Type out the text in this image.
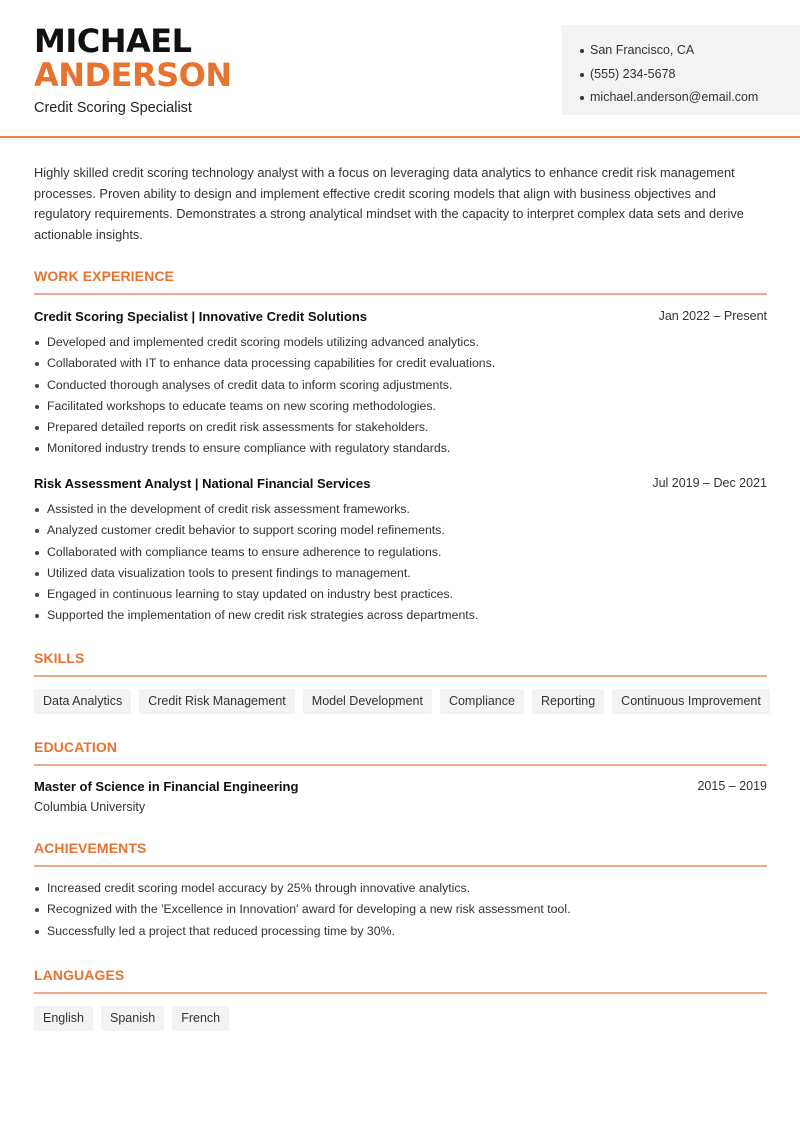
MICHAEL
ANDERSON
Credit Scoring Specialist
San Francisco, CA
(555) 234-5678
michael.anderson@email.com

Highly skilled credit scoring technology analyst with a focus on leveraging data analytics to enhance credit risk management processes. Proven ability to design and implement effective credit scoring models that align with business objectives and regulatory requirements. Demonstrates a strong analytical mindset with the capacity to interpret complex data sets and derive actionable insights.

WORK EXPERIENCE
Credit Scoring Specialist | Innovative Credit Solutions	Jan 2022 – Present
Developed and implemented credit scoring models utilizing advanced analytics.
Collaborated with IT to enhance data processing capabilities for credit evaluations.
Conducted thorough analyses of credit data to inform scoring adjustments.
Facilitated workshops to educate teams on new scoring methodologies.
Prepared detailed reports on credit risk assessments for stakeholders.
Monitored industry trends to ensure compliance with regulatory standards.
Risk Assessment Analyst | National Financial Services	Jul 2019 – Dec 2021
Assisted in the development of credit risk assessment frameworks.
Analyzed customer credit behavior to support scoring model refinements.
Collaborated with compliance teams to ensure adherence to regulations.
Utilized data visualization tools to present findings to management.
Engaged in continuous learning to stay updated on industry best practices.
Supported the implementation of new credit risk strategies across departments.
SKILLS
Data Analytics	Credit Risk Management	Model Development	Compliance	Reporting	Continuous Improvement
EDUCATION
Master of Science in Financial Engineering	2015 – 2019
Columbia University
ACHIEVEMENTS
Increased credit scoring model accuracy by 25% through innovative analytics.
Recognized with the 'Excellence in Innovation' award for developing a new risk assessment tool.
Successfully led a project that reduced processing time by 30%.
LANGUAGES
English	Spanish	French
